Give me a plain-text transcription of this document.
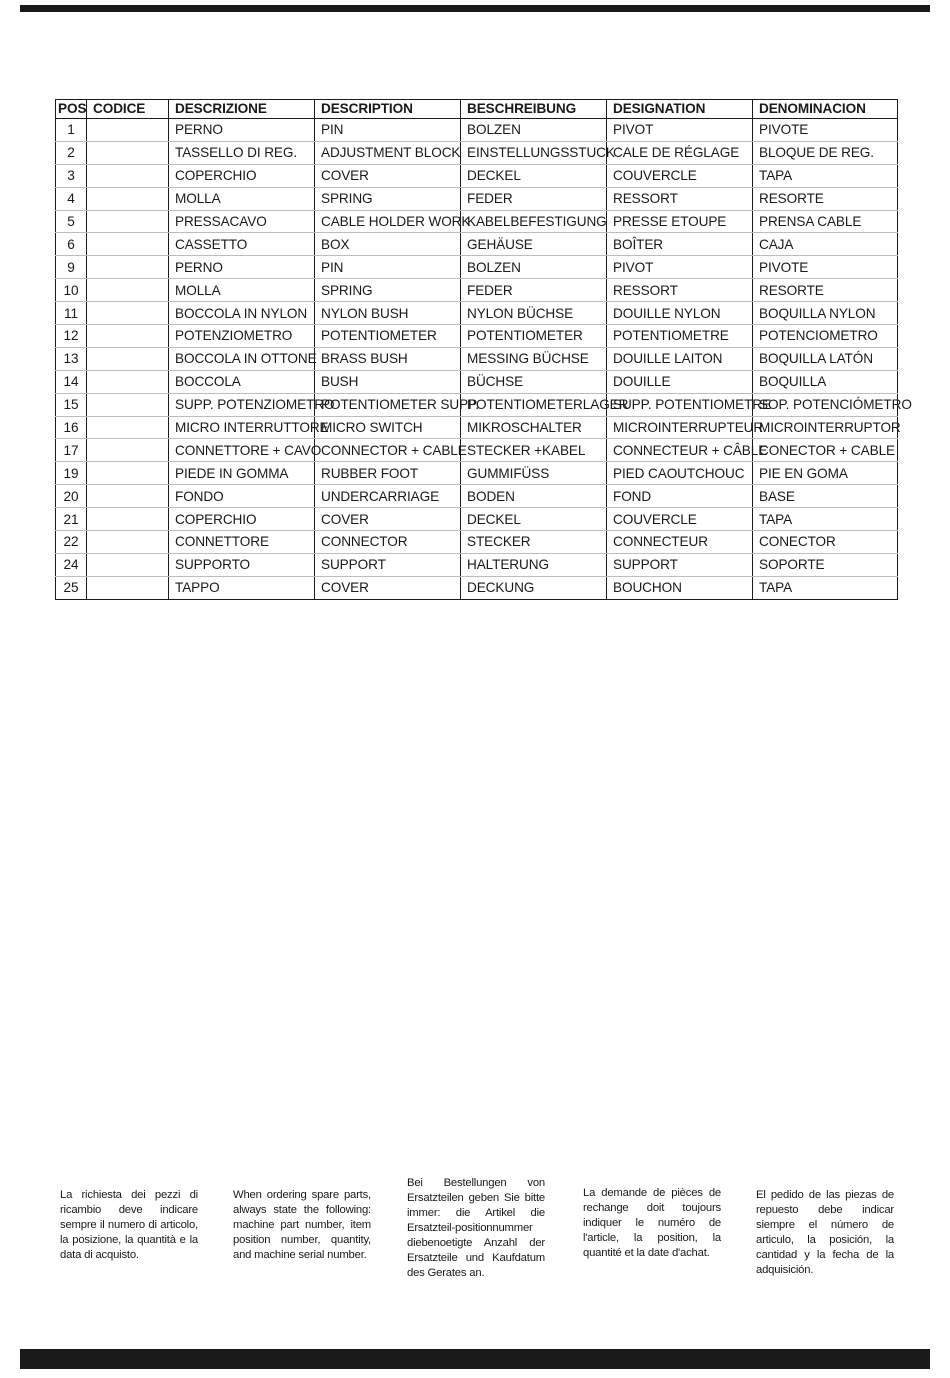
POS	CODICE	DESCRIZIONE	DESCRIPTION	BESCHREIBUNG	DESIGNATION	DENOMINACION
1		PERNO	PIN	BOLZEN	PIVOT	PIVOTE
2		TASSELLO DI REG.	ADJUSTMENT BLOCK	EINSTELLUNGSSTUCK	CALE DE RÉGLAGE	BLOQUE DE REG.
3		COPERCHIO	COVER	DECKEL	COUVERCLE	TAPA
4		MOLLA	SPRING	FEDER	RESSORT	RESORTE
5		PRESSACAVO	CABLE HOLDER WORK	KABELBEFESTIGUNG	PRESSE ETOUPE	PRENSA CABLE
6		CASSETTO	BOX	GEHÄUSE	BOÎTER	CAJA
9		PERNO	PIN	BOLZEN	PIVOT	PIVOTE
10		MOLLA	SPRING	FEDER	RESSORT	RESORTE
11		BOCCOLA IN NYLON	NYLON BUSH	NYLON BÜCHSE	DOUILLE NYLON	BOQUILLA NYLON
12		POTENZIOMETRO	POTENTIOMETER	POTENTIOMETER	POTENTIOMETRE	POTENCIOMETRO
13		BOCCOLA IN OTTONE	BRASS BUSH	MESSING BÜCHSE	DOUILLE LAITON	BOQUILLA LATÓN
14		BOCCOLA	BUSH	BÜCHSE	DOUILLE	BOQUILLA
15		SUPP. POTENZIOMETRO	POTENTIOMETER SUPP.	POTENTIOMETERLAGER	SUPP. POTENTIOMETRE	SOP. POTENCIÓMETRO
16		MICRO INTERRUTTORE	MICRO SWITCH	MIKROSCHALTER	MICROINTERRUPTEUR	MICROINTERRUPTOR
17		CONNETTORE + CAVO	CONNECTOR + CABLE	STECKER +KABEL	CONNECTEUR + CÂBLE	CONECTOR + CABLE
19		PIEDE IN GOMMA	RUBBER FOOT	GUMMIFÜSS	PIED CAOUTCHOUC	PIE EN GOMA
20		FONDO	UNDERCARRIAGE	BODEN	FOND	BASE
21		COPERCHIO	COVER	DECKEL	COUVERCLE	TAPA
22		CONNETTORE	CONNECTOR	STECKER	CONNECTEUR	CONECTOR
24		SUPPORTO	SUPPORT	HALTERUNG	SUPPORT	SOPORTE
25		TAPPO	COVER	DECKUNG	BOUCHON	TAPA
La richiesta dei pezzi di ricambio deve indicare sempre il numero di articolo, la posizione, la quantità e la data di acquisto.
When ordering spare parts, always state the following: machine part number, item position number, quantity, and machine serial number.
Bei Bestellungen von Ersatzteilen geben Sie bitte immer: die Artikel die Ersatzteil-positionnummer diebenoetigte Anzahl der Ersatzteile und Kaufdatum des Gerates an.
La demande de pièces de rechange doit toujours indiquer le numéro de l'article, la position, la quantité et la date d'achat.
El pedido de las piezas de repuesto debe indicar siempre el número de articulo, la posición, la cantidad y la fecha de la adquisición.
